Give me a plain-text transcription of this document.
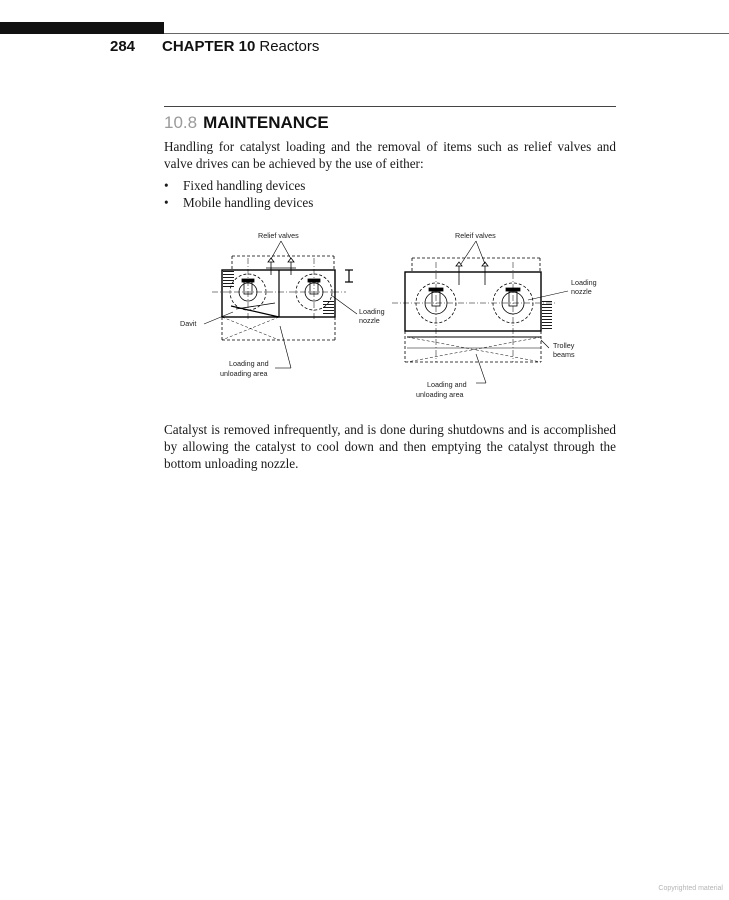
284 CHAPTER 10 Reactors
10.8 MAINTENANCE

Handling for catalyst loading and the removal of items such as relief valves and valve drives can be achieved by the use of either:

• Fixed handling devices
• Mobile handling devices
Relief valves
Davit
Loading
nozzle
Loading and
unloading area
Releif valves
Loading
nozzle
Trolley
beams
Loading and
unloading area

Catalyst is removed infrequently, and is done during shutdowns and is accomplished by allowing the catalyst to cool down and then emptying the catalyst through the bottom unloading nozzle.

Copyrighted material
